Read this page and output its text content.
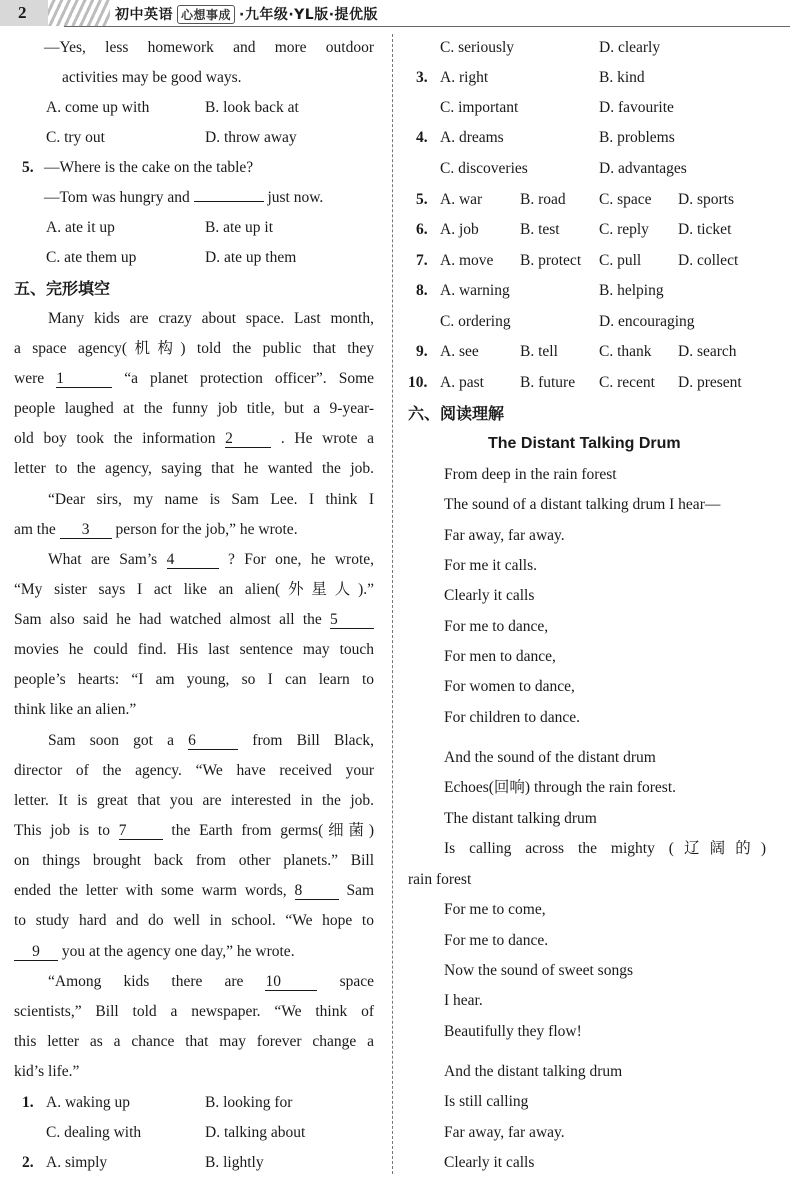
2	初中英语 心想事成 ·九年级·YL版·提优版
—Yes, less homework and more outdoor
activities may be good ways.
A. come up with	B. look back at
C. try out	D. throw away
5. —Where is the cake on the table?
—Tom was hungry and	just now.
A. ate it up	B. ate up it
C. ate them up	D. ate up them
五、完形填空
Many kids are crazy about space. Last month,
a space agency(机构) told the public that they
were 1	“a planet protection officer”. Some
people laughed at the funny job title, but a 9-year-
old boy took the information 2	. He wrote a
letter to the agency, saying that he wanted the job.
“Dear sirs, my name is Sam Lee. I think I
am the 3 person for the job,” he wrote.
What are Sam’s 4	? For one, he wrote,
“My sister says I act like an alien(外星人).”
Sam also said he had watched almost all the 5
movies he could find. His last sentence may touch
people’s hearts: “I am young, so I can learn to
think like an alien.”
Sam soon got a 6	from Bill Black,
director of the agency. “We have received your
letter. It is great that you are interested in the job.
This job is to 7	the Earth from germs(细菌)
on things brought back from other planets.” Bill
ended the letter with some warm words, 8	Sam
to study hard and do well in school. “We hope to
9 you at the agency one day,” he wrote.
“Among kids there are 10	space
scientists,” Bill told a newspaper. “We think of
this letter as a chance that may forever change a
kid’s life.”
1. A. waking up	B. looking for
C. dealing with	D. talking about
2. A. simply	B. lightly
C. seriously	D. clearly
3. A. right	B. kind
C. important	D. favourite
4. A. dreams	B. problems
C. discoveries	D. advantages
5. A. war B. road C. space D. sports
6. A. job	B. test	C. reply D. ticket
7. A. move B. protect C. pull D. collect
8. A. warning	B. helping
C. ordering	D. encouraging
9. A. see	B. tell	C. thank D. search
10. A. past B. future C. recent D. present
六、阅读理解
The Distant Talking Drum
From deep in the rain forest
The sound of a distant talking drum I hear—
Far away, far away.
For me it calls.
Clearly it calls
For me to dance,
For men to dance,
For women to dance,
For children to dance.
And the sound of the distant drum
Echoes(回响) through the rain forest.
The distant talking drum
Is calling across the mighty (辽阔的)
rain forest
For me to come,
For me to dance.
Now the sound of sweet songs
I hear.
Beautifully they flow!
And the distant talking drum
Is still calling
Far away, far away.
Clearly it calls
